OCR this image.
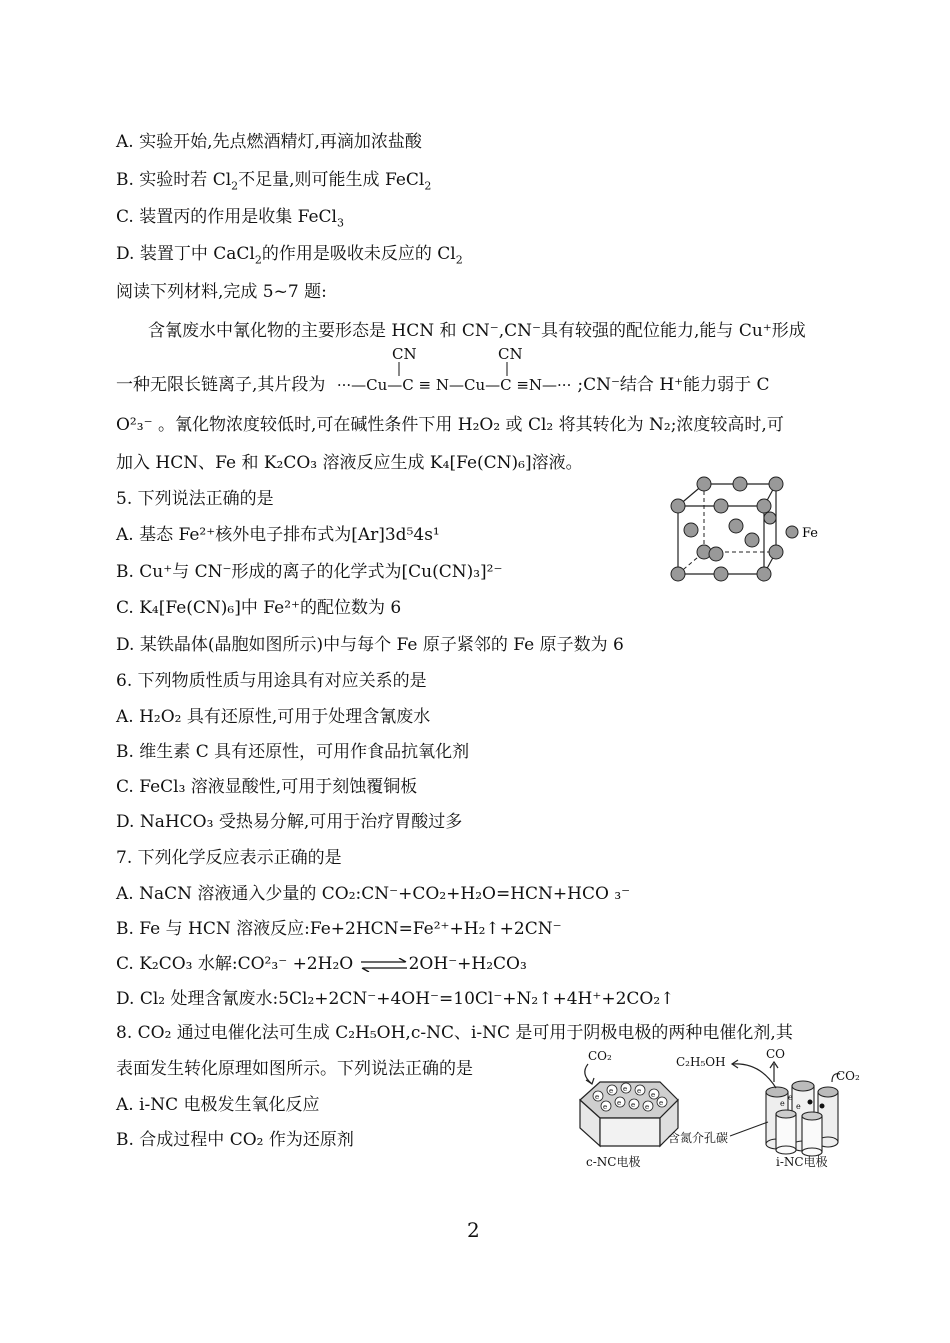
A. 实验开始,先点燃酒精灯,再滴加浓盐酸
B. 实验时若 $Cl_2$不足量,则可能生成 FeCl$_2$
C. 装置丙的作用是收集 FeCl$_3$
D. 装置丁中 CaCl$_2$的作用是吸收未反应的 $Cl_2$
阅读下列材料,完成 5~7 题:
含氰废水中氰化物的主要形态是 HCN 和 CN⁻,CN⁻具有较强的配位能力,能与 Cu⁺形成
CN	CN
一种无限长链离子,其片段为 ···—Cu—C ≡ N—Cu—C ≡N—··· ;CN⁻结合 H⁺能力弱于 C
O²₃⁻ 。氰化物浓度较低时,可在碱性条件下用 H₂O₂ 或 Cl₂ 将其转化为 N₂;浓度较高时,可
加入 HCN、Fe 和 K₂CO₃ 溶液反应生成 K₄[Fe(CN)₆]溶液。
5. 下列说法正确的是
A. 基态 Fe²⁺核外电子排布式为[Ar]3d⁵4s¹
B. Cu⁺与 CN⁻形成的离子的化学式为[Cu(CN)₃]²⁻
C. K₄[Fe(CN)₆]中 Fe²⁺的配位数为 6
D. 某铁晶体(晶胞如图所示)中与每个 Fe 原子紧邻的 Fe 原子数为 6
Fe
6. 下列物质性质与用途具有对应关系的是
A. H₂O₂ 具有还原性,可用于处理含氰废水
B. 维生素 C 具有还原性，可用作食品抗氧化剂
C. FeCl₃ 溶液显酸性,可用于刻蚀覆铜板
D. NaHCO₃ 受热易分解,可用于治疗胃酸过多
7. 下列化学反应表示正确的是
A. NaCN 溶液通入少量的 CO₂:CN⁻+CO₂+H₂O=HCN+HCO ₃⁻
B. Fe 与 HCN 溶液反应:Fe+2HCN=Fe²⁺+H₂↑+2CN⁻
C. K₂CO₃ 水解:CO²₃⁻ +2H₂O ⇌2OH⁻+H₂CO₃
D. Cl₂ 处理含氰废水:5Cl₂+2CN⁻+4OH⁻=10Cl⁻+N₂↑+4H⁺+2CO₂↑
8. CO₂ 通过电催化法可生成 C₂H₅OH,c-NC、i-NC 是可用于阴极电极的两种电催化剂,其
表面发生转化原理如图所示。下列说法正确的是
A. i-NC 电极发生氧化反应
B. 合成过程中 CO₂ 作为还原剂
e
e e e e
e e e e e	e
e
e
CO₂	C₂H₅OH
CO
CO₂
含氮介孔碳
c-NC电极	i-NC电极
2
